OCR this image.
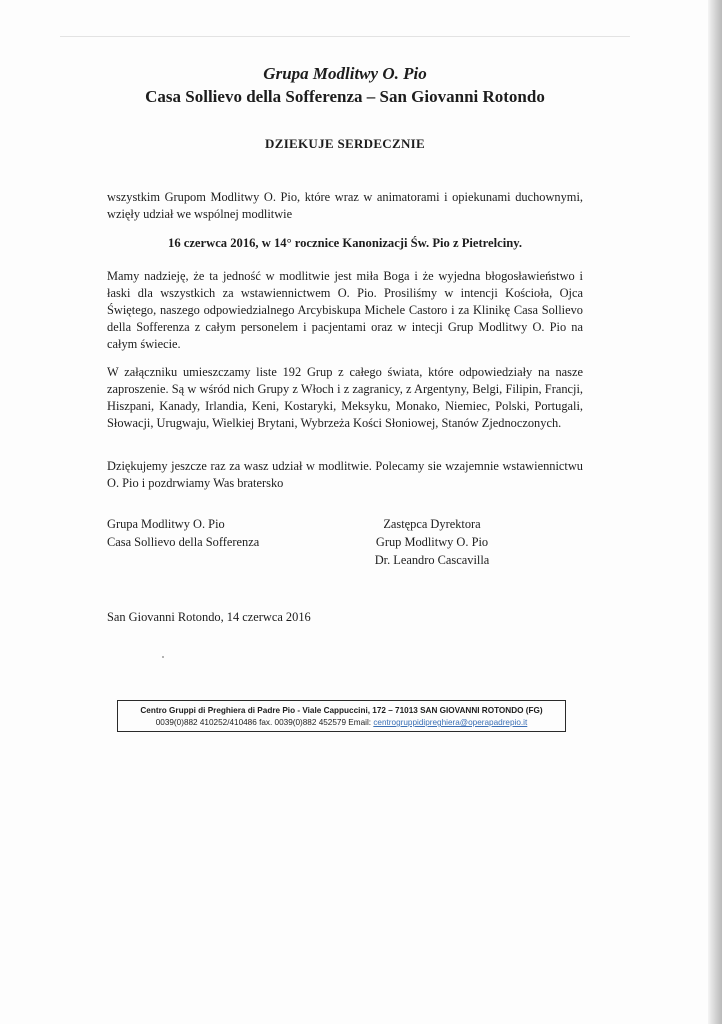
Grupa Modlitwy O. Pio
Casa Sollievo della Sofferenza – San Giovanni Rotondo
DZIEKUJE SERDECZNIE
wszystkim Grupom Modlitwy O. Pio, które wraz w animatorami i opiekunami duchownymi, wzięły udział we wspólnej modlitwie
16 czerwca 2016, w 14° rocznice Kanonizacji Św. Pio z Pietrelciny.
Mamy nadzieję, że ta jedność w modlitwie jest miła Boga i że wyjedna błogosławieństwo i łaski dla wszystkich za wstawiennictwem O. Pio. Prosiliśmy w intencji Kościoła, Ojca Świętego, naszego odpowiedzialnego Arcybiskupa Michele Castoro i za Klinikę Casa Sollievo della Sofferenza z całym personelem i pacjentami oraz w intecji Grup Modlitwy O. Pio na całym świecie.
W załączniku umieszczamy liste 192 Grup z całego świata, które odpowiedziały na nasze zaproszenie. Są w wśród nich Grupy z Włoch i z zagranicy, z Argentyny, Belgi, Filipin, Francji, Hiszpani, Kanady, Irlandia, Keni, Kostaryki, Meksyku, Monako, Niemiec, Polski, Portugali, Słowacji, Urugwaju, Wielkiej Brytani, Wybrzeża Kości Słoniowej, Stanów Zjednoczonych.
Dziękujemy jeszcze raz za wasz udział w modlitwie. Polecamy sie wzajemnie wstawiennictwu O. Pio i pozdrwiamy Was bratersko
Grupa Modlitwy O. Pio
Casa Sollievo della Sofferenza
Zastępca Dyrektora
Grup Modlitwy O. Pio
Dr. Leandro Cascavilla
San Giovanni Rotondo, 14 czerwca 2016
Centro Gruppi di Preghiera di Padre Pio - Viale Cappuccini, 172 – 71013 SAN GIOVANNI ROTONDO (FG)
0039(0)882 410252/410486 fax. 0039(0)882 452579 Email: centrogruppidipreghiera@operapadrepio.it
